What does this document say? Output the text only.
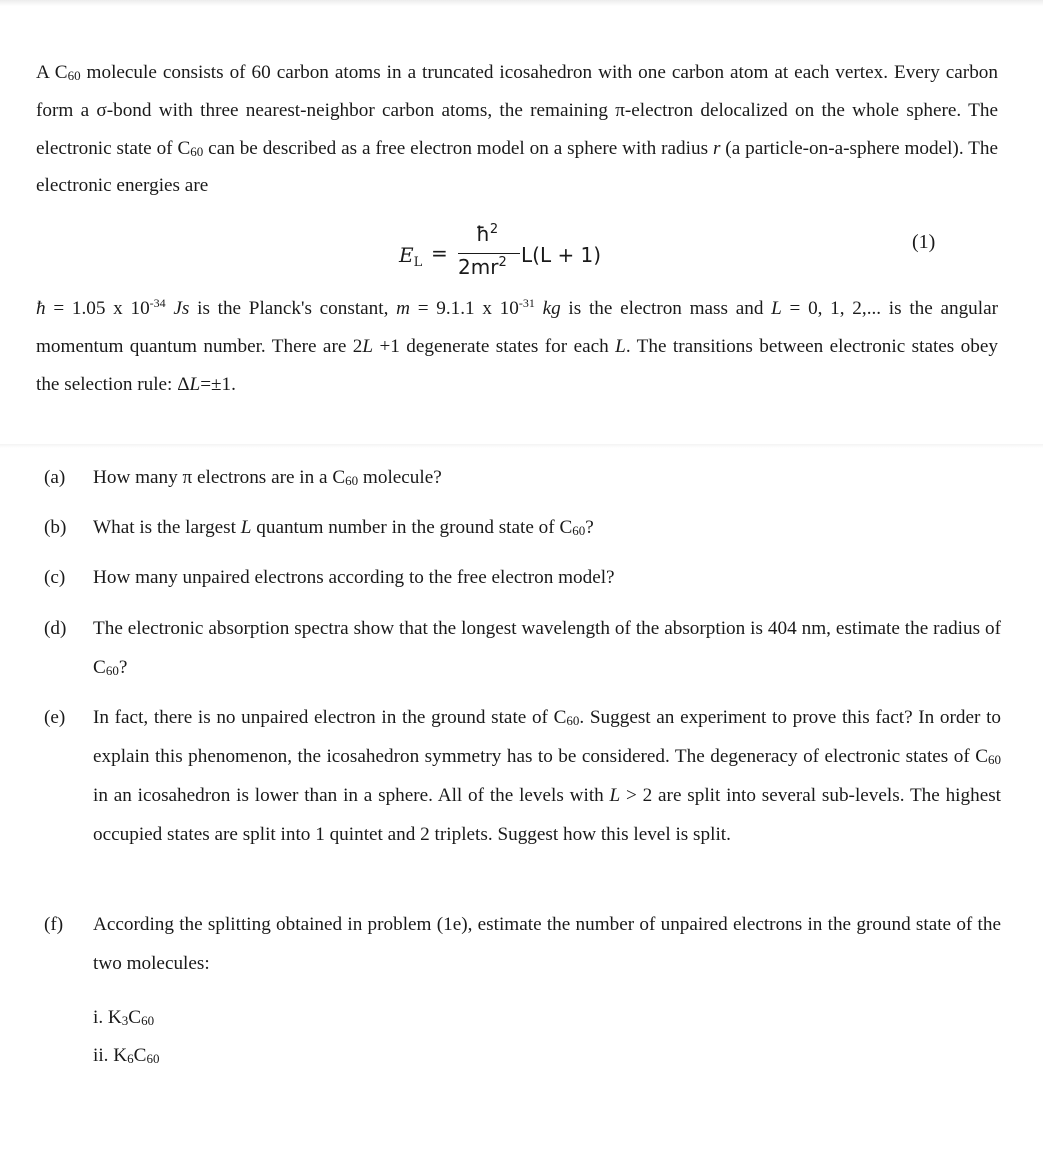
A $C_{60}$ molecule consists of 60 carbon atoms in a truncated icosahedron with one carbon atom at each vertex. Every carbon form a σ-bond with three nearest-neighbor carbon atoms, the remaining π-electron delocalized on the whole sphere. The electronic state of $C_{60}$ can be described as a free electron model on a sphere with radius r (a particle-on-a-sphere model). The electronic energies are

$E_L$ =
$ħ^2$
$2mr^2$ L(L + 1)
(1)

ħ = 1.05 x $10^{-34}$ Js is the Planck's constant, m = 9.1.1 x $10^{-31}$ kg is the electron mass and L = 0, 1, 2,... is the angular momentum quantum number. There are 2L +1 degenerate states for each L. The transitions between electronic states obey the selection rule: ΔL=±1.

(a) How many π electrons are in a $C_{60}$ molecule?
(b) What is the largest L quantum number in the ground state of $C_{60}$?
(c) How many unpaired electrons according to the free electron model?
(d) The electronic absorption spectra show that the longest wavelength of the absorption is 404 nm, estimate the radius of $C_{60}$?
(e) In fact, there is no unpaired electron in the ground state of $C_{60}$. Suggest an experiment to prove this fact? In order to explain this phenomenon, the icosahedron symmetry has to be considered. The degeneracy of electronic states of $C_{60}$ in an icosahedron is lower than in a sphere. All of the levels with L > 2 are split into several sub-levels. The highest occupied states are split into 1 quintet and 2 triplets. Suggest how this level is split.
(f) According the splitting obtained in problem (1e), estimate the number of unpaired electrons in the ground state of the two molecules:
i. $K_3C_{60}$
ii. $K_6C_{60}$
